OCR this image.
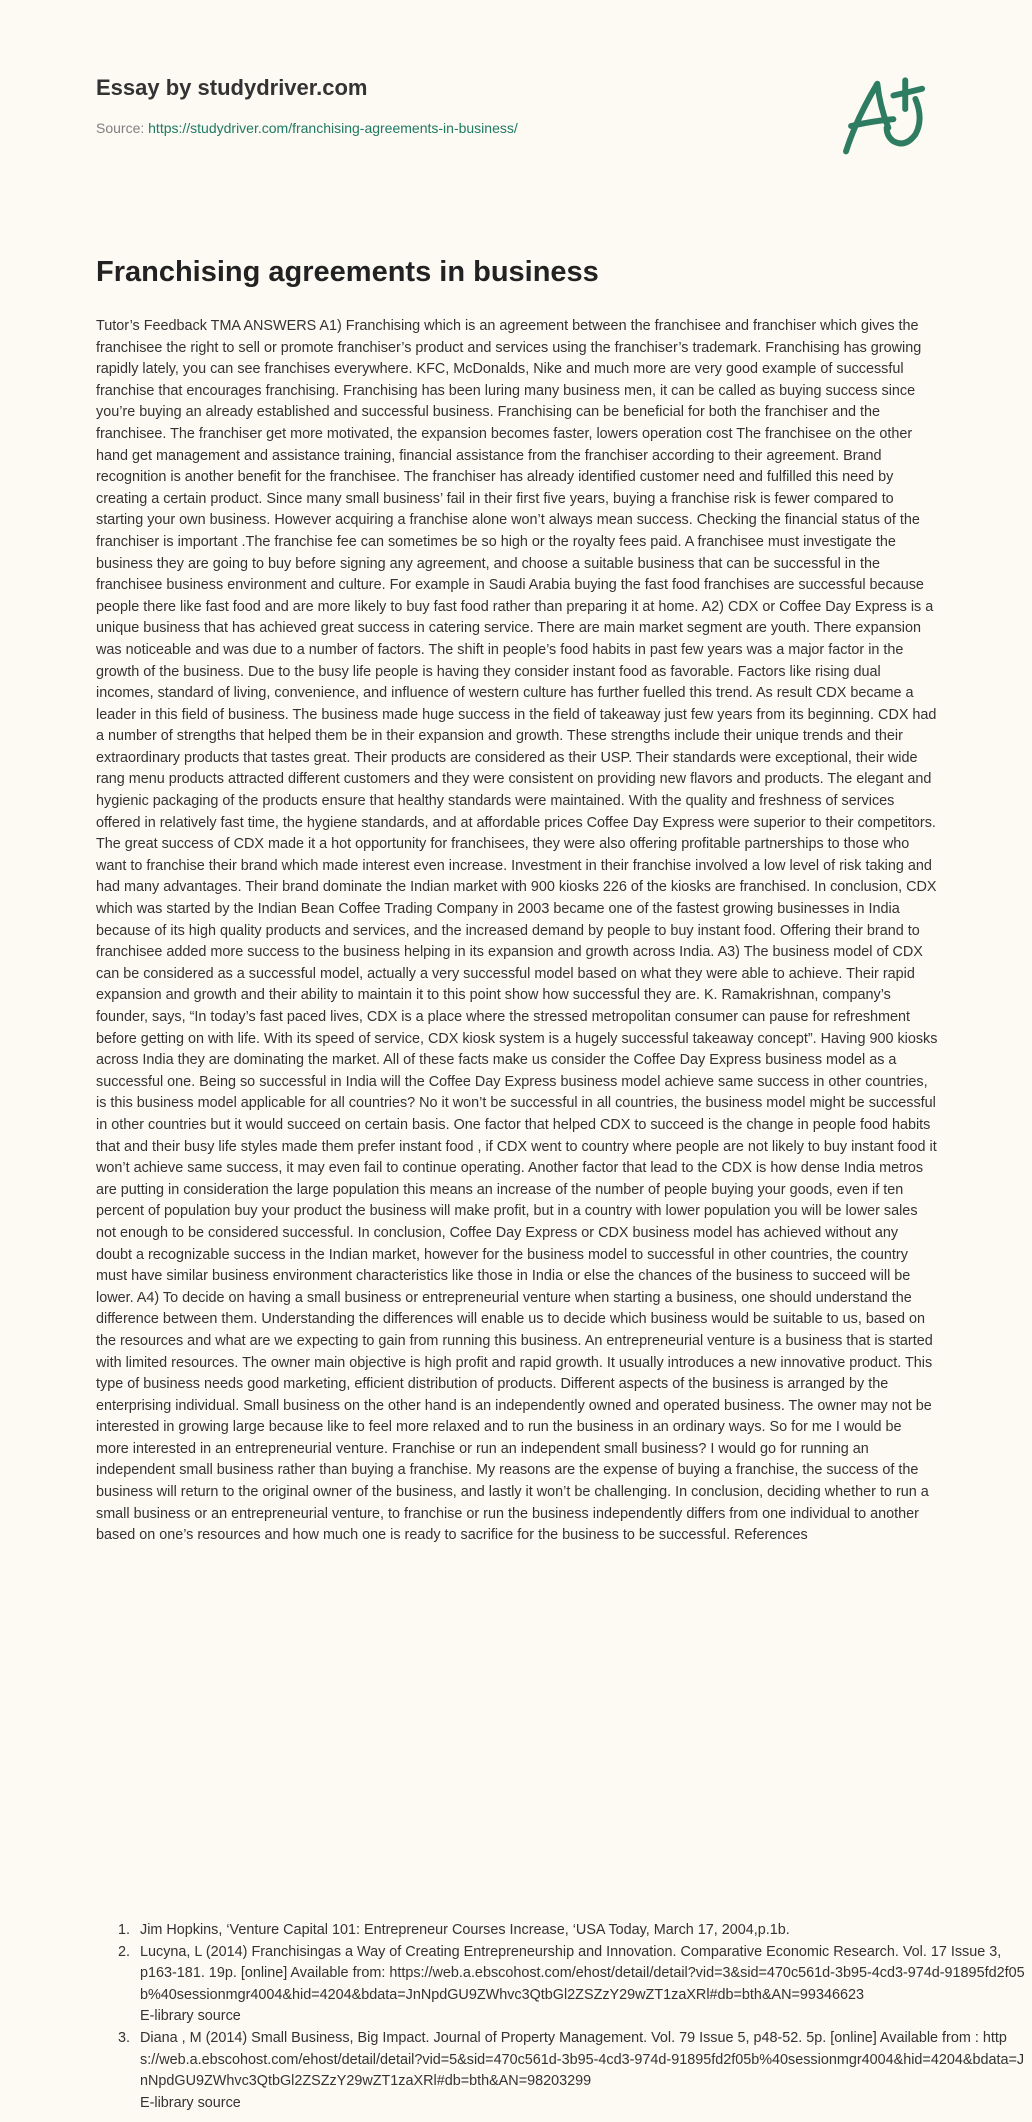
Essay by studydriver.com
Source: https://studydriver.com/franchising-agreements-in-business/
Franchising agreements in business

Tutor’s Feedback TMA ANSWERS A1) Franchising which is an agreement between the franchisee and franchiser which gives the franchisee the right to sell or promote franchiser’s product and services using the franchiser’s trademark. Franchising has growing rapidly lately, you can see franchises everywhere. KFC, McDonalds, Nike and much more are very good example of successful franchise that encourages franchising. Franchising has been luring many business men, it can be called as buying success since you’re buying an already established and successful business. Franchising can be beneficial for both the franchiser and the franchisee. The franchiser get more motivated, the expansion becomes faster, lowers operation cost The franchisee on the other hand get management and assistance training, financial assistance from the franchiser according to their agreement. Brand recognition is another benefit for the franchisee. The franchiser has already identified customer need and fulfilled this need by creating a certain product. Since many small business’ fail in their first five years, buying a franchise risk is fewer compared to starting your own business. However acquiring a franchise alone won’t always mean success. Checking the financial status of the franchiser is important .The franchise fee can sometimes be so high or the royalty fees paid. A franchisee must investigate the business they are going to buy before signing any agreement, and choose a suitable business that can be successful in the franchisee business environment and culture. For example in Saudi Arabia buying the fast food franchises are successful because people there like fast food and are more likely to buy fast food rather than preparing it at home. A2) CDX or Coffee Day Express is a unique business that has achieved great success in catering service. There are main market segment are youth. There expansion was noticeable and was due to a number of factors. The shift in people’s food habits in past few years was a major factor in the growth of the business. Due to the busy life people is having they consider instant food as favorable. Factors like rising dual incomes, standard of living, convenience, and influence of western culture has further fuelled this trend. As result CDX became a leader in this field of business. The business made huge success in the field of takeaway just few years from its beginning. CDX had a number of strengths that helped them be in their expansion and growth. These strengths include their unique trends and their extraordinary products that tastes great. Their products are considered as their USP. Their standards were exceptional, their wide rang menu products attracted different customers and they were consistent on providing new flavors and products. The elegant and hygienic packaging of the products ensure that healthy standards were maintained. With the quality and freshness of services offered in relatively fast time, the hygiene standards, and at affordable prices Coffee Day Express were superior to their competitors. The great success of CDX made it a hot opportunity for franchisees, they were also offering profitable partnerships to those who want to franchise their brand which made interest even increase. Investment in their franchise involved a low level of risk taking and had many advantages. Their brand dominate the Indian market with 900 kiosks 226 of the kiosks are franchised. In conclusion, CDX which was started by the Indian Bean Coffee Trading Company in 2003 became one of the fastest growing businesses in India because of its high quality products and services, and the increased demand by people to buy instant food. Offering their brand to franchisee added more success to the business helping in its expansion and growth across India. A3) The business model of CDX can be considered as a successful model, actually a very successful model based on what they were able to achieve. Their rapid expansion and growth and their ability to maintain it to this point show how successful they are. K. Ramakrishnan, company’s founder, says, “In today’s fast paced lives, CDX is a place where the stressed metropolitan consumer can pause for refreshment before getting on with life. With its speed of service, CDX kiosk system is a hugely successful takeaway concept”. Having 900 kiosks across India they are dominating the market. All of these facts make us consider the Coffee Day Express business model as a successful one. Being so successful in India will the Coffee Day Express business model achieve same success in other countries, is this business model applicable for all countries? No it won’t be successful in all countries, the business model might be successful in other countries but it would succeed on certain basis. One factor that helped CDX to succeed is the change in people food habits that and their busy life styles made them prefer instant food , if CDX went to country where people are not likely to buy instant food it won’t achieve same success, it may even fail to continue operating. Another factor that lead to the CDX is how dense India metros are putting in consideration the large population this means an increase of the number of people buying your goods, even if ten percent of population buy your product the business will make profit, but in a country with lower population you will be lower sales not enough to be considered successful. In conclusion, Coffee Day Express or CDX business model has achieved without any doubt a recognizable success in the Indian market, however for the business model to successful in other countries, the country must have similar business environment characteristics like those in India or else the chances of the business to succeed will be lower. A4) To decide on having a small business or entrepreneurial venture when starting a business, one should understand the difference between them. Understanding the differences will enable us to decide which business would be suitable to us, based on the resources and what are we expecting to gain from running this business. An entrepreneurial venture is a business that is started with limited resources. The owner main objective is high profit and rapid growth. It usually introduces a new innovative product. This type of business needs good marketing, efficient distribution of products. Different aspects of the business is arranged by the enterprising individual. Small business on the other hand is an independently owned and operated business. The owner may not be interested in growing large because like to feel more relaxed and to run the business in an ordinary ways. So for me I would be more interested in an entrepreneurial venture. Franchise or run an independent small business? I would go for running an independent small business rather than buying a franchise. My reasons are the expense of buying a franchise, the success of the business will return to the original owner of the business, and lastly it won’t be challenging. In conclusion, deciding whether to run a small business or an entrepreneurial venture, to franchise or run the business independently differs from one individual to another based on one’s resources and how much one is ready to sacrifice for the business to be successful. References

1. Jim Hopkins, ‘Venture Capital 101: Entrepreneur Courses Increase, ‘USA Today, March 17, 2004,p.1b.
2. Lucyna, L (2014) Franchisingas a Way of Creating Entrepreneurship and Innovation. Comparative Economic Research. Vol. 17 Issue 3, p163-181. 19p. [online] Available from: https://web.a.ebscohost.com/ehost/detail/detail?vid=3&sid=470c561d-3b95-4cd3-974d-91895fd2f05b%40sessionmgr4004&hid=4204&bdata=JnNpdGU9ZWhvc3QtbGl2ZSZzY29wZT1zaXRl#db=bth&AN=99346623
E-library source
3. Diana , M (2014) Small Business, Big Impact. Journal of Property Management. Vol. 79 Issue 5, p48-52. 5p. [online] Available from : https://web.a.ebscohost.com/ehost/detail/detail?vid=5&sid=470c561d-3b95-4cd3-974d-91895fd2f05b%40sessionmgr4004&hid=4204&bdata=JnNpdGU9ZWhvc3QtbGl2ZSZzY29wZT1zaXRl#db=bth&AN=98203299
E-library source
